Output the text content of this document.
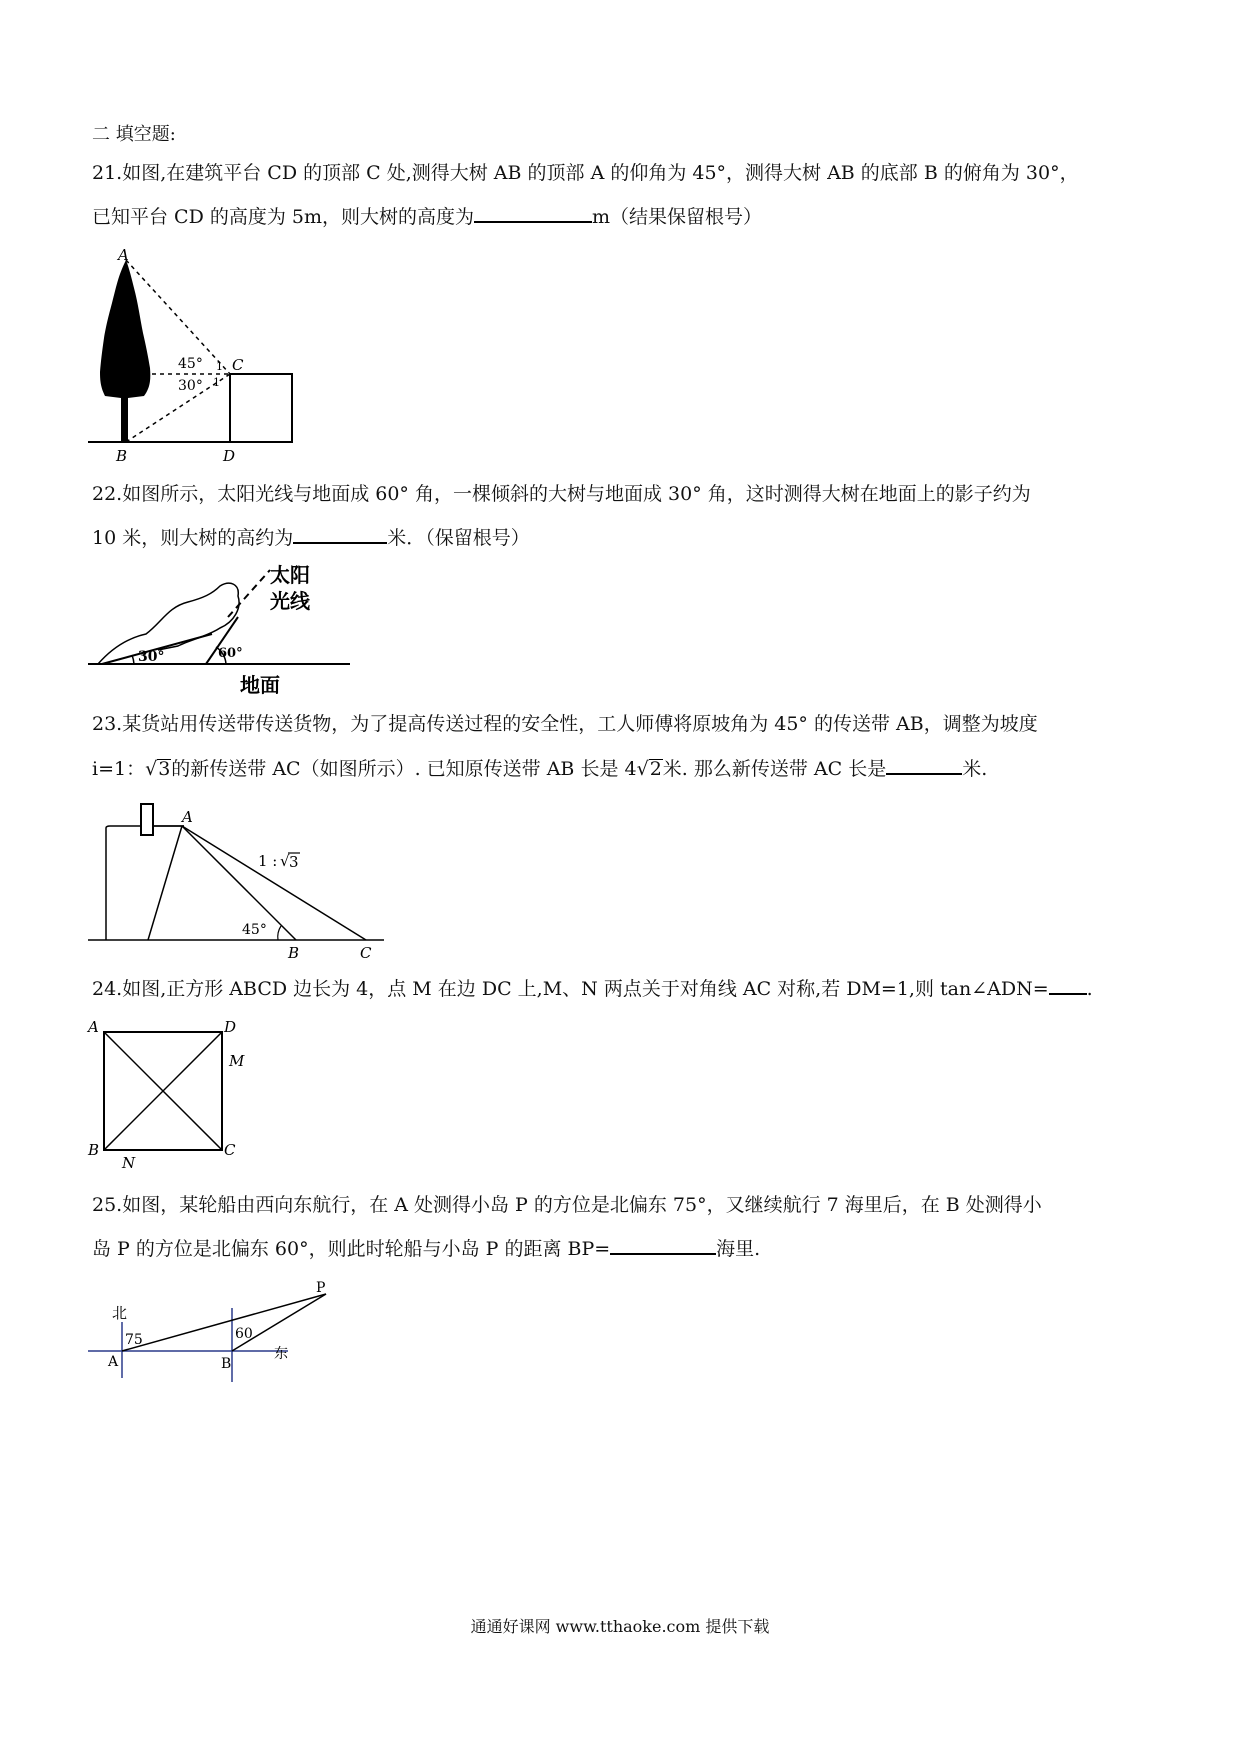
二 填空题:
21.如图,在建筑平台 CD 的顶部 C 处,测得大树 AB 的顶部 A 的仰角为 45°，测得大树 AB 的底部 B 的俯角为 30°，
已知平台 CD 的高度为 5m，则大树的高度为	m（结果保留根号）
A
C
B	D
45°
30°
1
1
22.如图所示，太阳光线与地面成 60° 角，一棵倾斜的大树与地面成 30° 角，这时测得大树在地面上的影子约为
10 米，则大树的高约为	米．（保留根号）
30°	60°
太阳
光线
地面
23.某货站用传送带传送货物，为了提高传送过程的安全性，工人师傅将原坡角为 45° 的传送带 AB，调整为坡度
i=1：√3的新传送带 AC（如图所示）. 已知原传送带 AB 长是 4√2米. 那么新传送带 AC 长是	米.
A
B	C
45°
1 : √ 3
24.如图,正方形 ABCD 边长为 4，点 M 在边 DC 上,M、N 两点关于对角线 AC 对称,若 DM=1,则 tan∠ADN= .
A	D
M
B	C
N
25.如图，某轮船由西向东航行，在 A 处测得小岛 P 的方位是北偏东 75°，又继续航行 7 海里后，在 B 处测得小
岛 P 的方位是北偏东 60°，则此时轮船与小岛 P 的距离 BP=	海里.
北
东
75	60
A	B
P
通通好课网 www.tthaoke.com 提供下载
